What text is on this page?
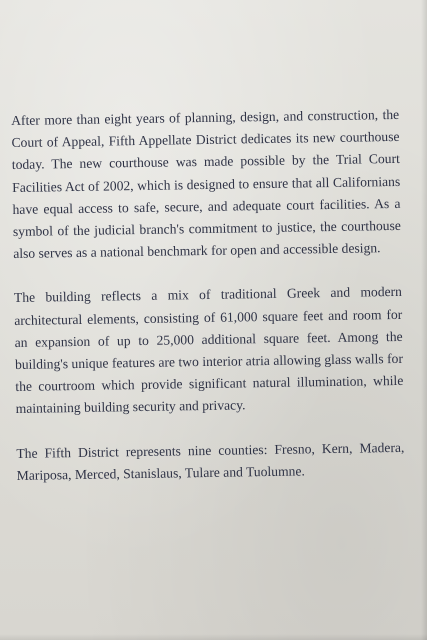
After more than eight years of planning, design, and construction, the Court of Appeal, Fifth Appellate District dedicates its new courthouse today. The new courthouse was made possible by the Trial Court Facilities Act of 2002, which is designed to ensure that all Californians have equal access to safe, secure, and adequate court facilities. As a symbol of the judicial branch's commitment to justice, the courthouse also serves as a national benchmark for open and accessible design.

The building reflects a mix of traditional Greek and modern architectural elements, consisting of 61,000 square feet and room for an expansion of up to 25,000 additional square feet. Among the building's unique features are two interior atria allowing glass walls for the courtroom which provide significant natural illumination, while maintaining building security and privacy.

The Fifth District represents nine counties: Fresno, Kern, Madera, Mariposa, Merced, Stanislaus, Tulare and Tuolumne.
